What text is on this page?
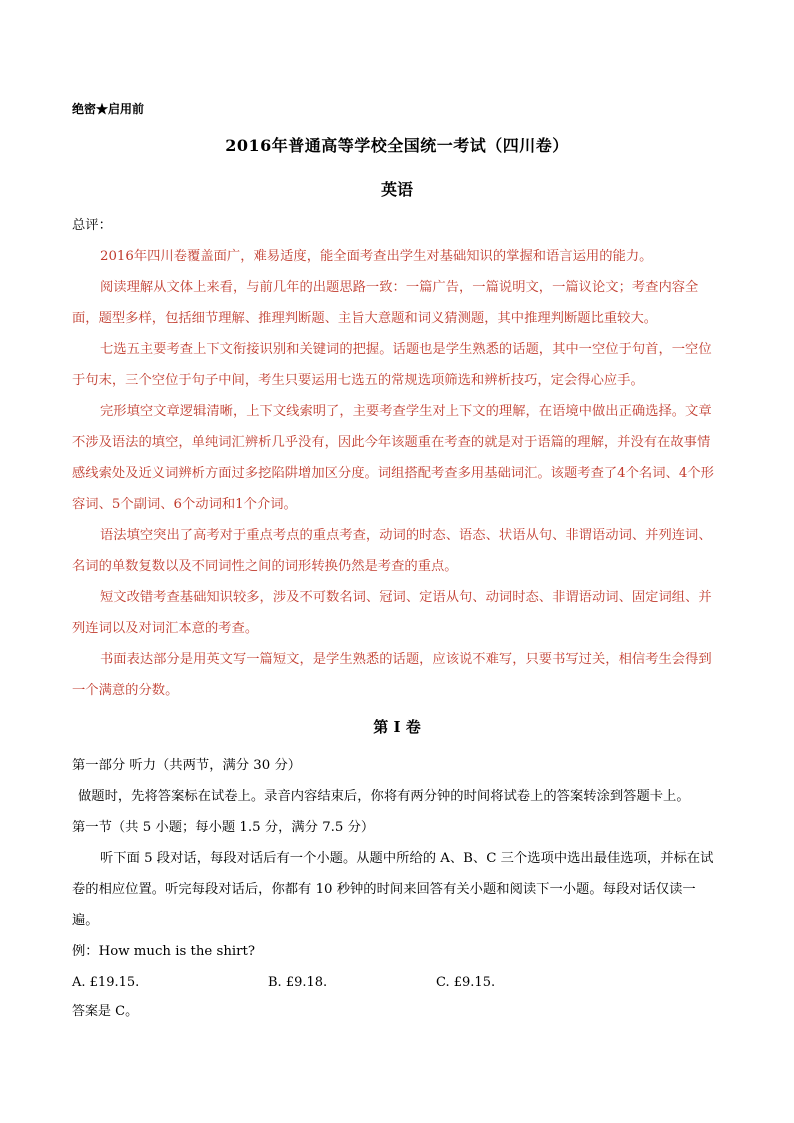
绝密★启用前
2016年普通高等学校全国统一考试（四川卷）
英语
总评：
2016年四川卷覆盖面广，难易适度，能全面考查出学生对基础知识的掌握和语言运用的能力。
阅读理解从文体上来看，与前几年的出题思路一致：一篇广告，一篇说明文，一篇议论文；考查内容全面，题型多样，包括细节理解、推理判断题、主旨大意题和词义猜测题，其中推理判断题比重较大。
七选五主要考查上下文衔接识别和关键词的把握。话题也是学生熟悉的话题，其中一空位于句首，一空位于句末，三个空位于句子中间，考生只要运用七选五的常规选项筛选和辨析技巧，定会得心应手。
完形填空文章逻辑清晰，上下文线索明了，主要考查学生对上下文的理解，在语境中做出正确选择。文章不涉及语法的填空，单纯词汇辨析几乎没有，因此今年该题重在考查的就是对于语篇的理解，并没有在故事情感线索处及近义词辨析方面过多挖陷阱增加区分度。词组搭配考查多用基础词汇。该题考查了4个名词、4个形容词、5个副词、6个动词和1个介词。
语法填空突出了高考对于重点考点的重点考查，动词的时态、语态、状语从句、非谓语动词、并列连词、名词的单数复数以及不同词性之间的词形转换仍然是考查的重点。
短文改错考查基础知识较多，涉及不可数名词、冠词、定语从句、动词时态、非谓语动词、固定词组、并列连词以及对词汇本意的考查。
书面表达部分是用英文写一篇短文，是学生熟悉的话题，应该说不难写，只要书写过关，相信考生会得到一个满意的分数。
第 I 卷
第一部分 听力（共两节，满分 30 分）
做题时，先将答案标在试卷上。录音内容结束后，你将有两分钟的时间将试卷上的答案转涂到答题卡上。
第一节（共 5 小题；每小题 1.5 分，满分 7.5 分）
听下面 5 段对话，每段对话后有一个小题。从题中所给的 A、B、C 三个选项中选出最佳选项，并标在试卷的相应位置。听完每段对话后，你都有 10 秒钟的时间来回答有关小题和阅读下一小题。每段对话仅读一遍。
例：How much is the shirt?
A. £19.15.	B. £9.18.	C. £9.15.
答案是 C。
